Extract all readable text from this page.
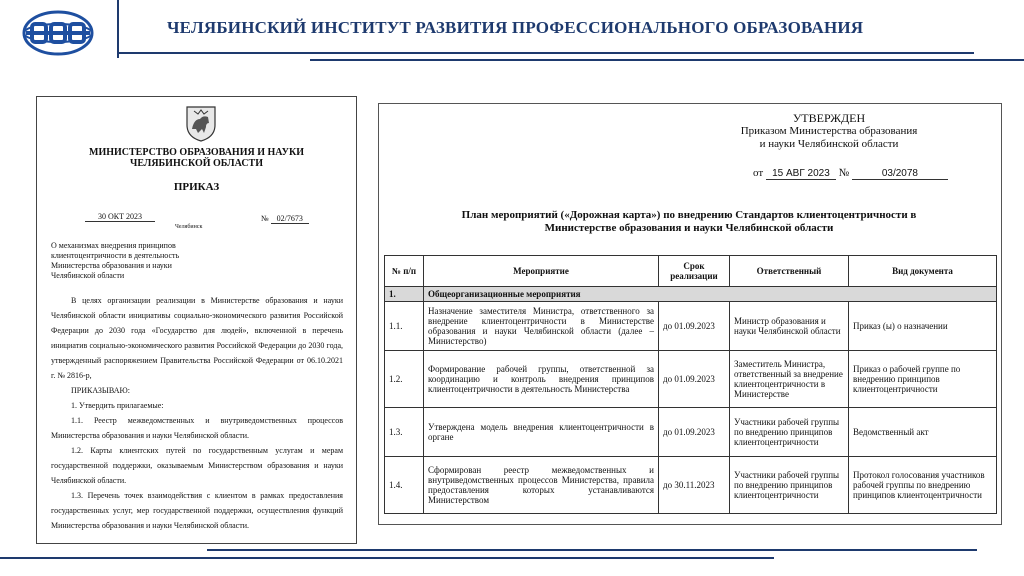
ЧЕЛЯБИНСКИЙ ИНСТИТУТ РАЗВИТИЯ ПРОФЕССИОНАЛЬНОГО ОБРАЗОВАНИЯ
МИНИСТЕРСТВО ОБРАЗОВАНИЯ И НАУКИ
ЧЕЛЯБИНСКОЙ ОБЛАСТИ
ПРИКАЗ
30 ОКТ 2023
Челябинск
№ 02/7673
О механизмах внедрения принципов клиентоцентричности в деятельность Министерства образования и науки Челябинской области

В целях организации реализации в Министерстве образования и науки Челябинской области инициативы социально-экономического развития Российской Федерации до 2030 года «Государство для людей», включенной в перечень инициатив социально-экономического развития Российской Федерации до 2030 года, утвержденный распоряжением Правительства Российской Федерации от 06.10.2021 г. № 2816-р,

ПРИКАЗЫВАЮ:

1. Утвердить прилагаемые:

1.1. Реестр межведомственных и внутриведомственных процессов Министерства образования и науки Челябинской области.

1.2. Карты клиентских путей по государственным услугам и мерам государственной поддержки, оказываемым Министерством образования и науки Челябинской области.

1.3. Перечень точек взаимодействия с клиентом в рамках предоставления государственных услуг, мер государственной поддержки, осуществления функций Министерства образования и науки Челябинской области.

УТВЕРЖДЕН
Приказом Министерства образования
и науки Челябинской области
от 15 АВГ 2023 №	03/2078
План мероприятий («Дорожная карта») по внедрению Стандартов клиентоцентричности в Министерстве образования и науки Челябинской области
№ п/п	Мероприятие	Срок реализации	Ответственный	Вид документа
1.	Общеорганизационные мероприятия			
1.1.	Назначение заместителя Министра, ответственного за внедрение клиентоцентричности в Министерстве образования и науки Челябинской области (далее – Министерство)	до 01.09.2023	Министр образования и науки Челябинской области	Приказ (ы) о назначении
1.2.	Формирование рабочей группы, ответственной за координацию и контроль внедрения принципов клиентоцентричности в деятельность Министерства	до 01.09.2023	Заместитель Министра, ответственный за внедрение клиентоцентричности в Министерстве	Приказ о рабочей группе по внедрению принципов клиентоцентричности
1.3.	Утверждена модель внедрения клиентоцентричности в органе	до 01.09.2023	Участники рабочей группы по внедрению принципов клиентоцентричности	Ведомственный акт
1.4.	Сформирован реестр межведомственных и внутриведомственных процессов Министерства, правила предоставления которых устанавливаются Министерством	до 30.11.2023	Участники рабочей группы по внедрению принципов клиентоцентричности	Протокол голосования участников рабочей группы по внедрению принципов клиентоцентричности
